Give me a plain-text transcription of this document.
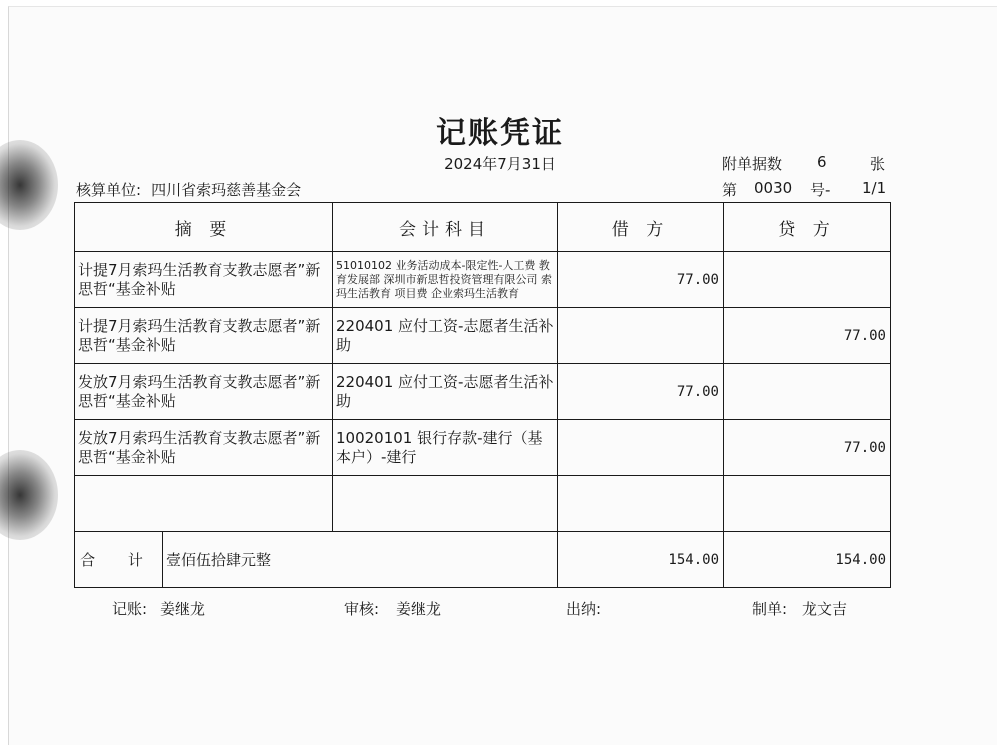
记账凭证
2024年7月31日	附单据数 6	张
核算单位: 四川省索玛慈善基金会	第 0030 号- 1/1
摘 要		会计科目	借 方	贷 方
计提7月索玛生活教育支教志愿者”新思哲“基金补贴		51010102 业务活动成本-限定性-人工费 教育发展部 深圳市新思哲投资管理有限公司 索玛生活教育 项目费 企业索玛生活教育	77.00	
计提7月索玛生活教育支教志愿者”新思哲“基金补贴		220401 应付工资-志愿者生活补助		77.00
发放7月索玛生活教育支教志愿者”新思哲“基金补贴		220401 应付工资-志愿者生活补助	77.00	
发放7月索玛生活教育支教志愿者”新思哲“基金补贴		10020101 银行存款-建行（基本户）-建行		77.00

合 计	壹佰伍拾肆元整		154.00	154.00
记账: 姜继龙	审核: 姜继龙	出纳:	制单: 龙文吉
